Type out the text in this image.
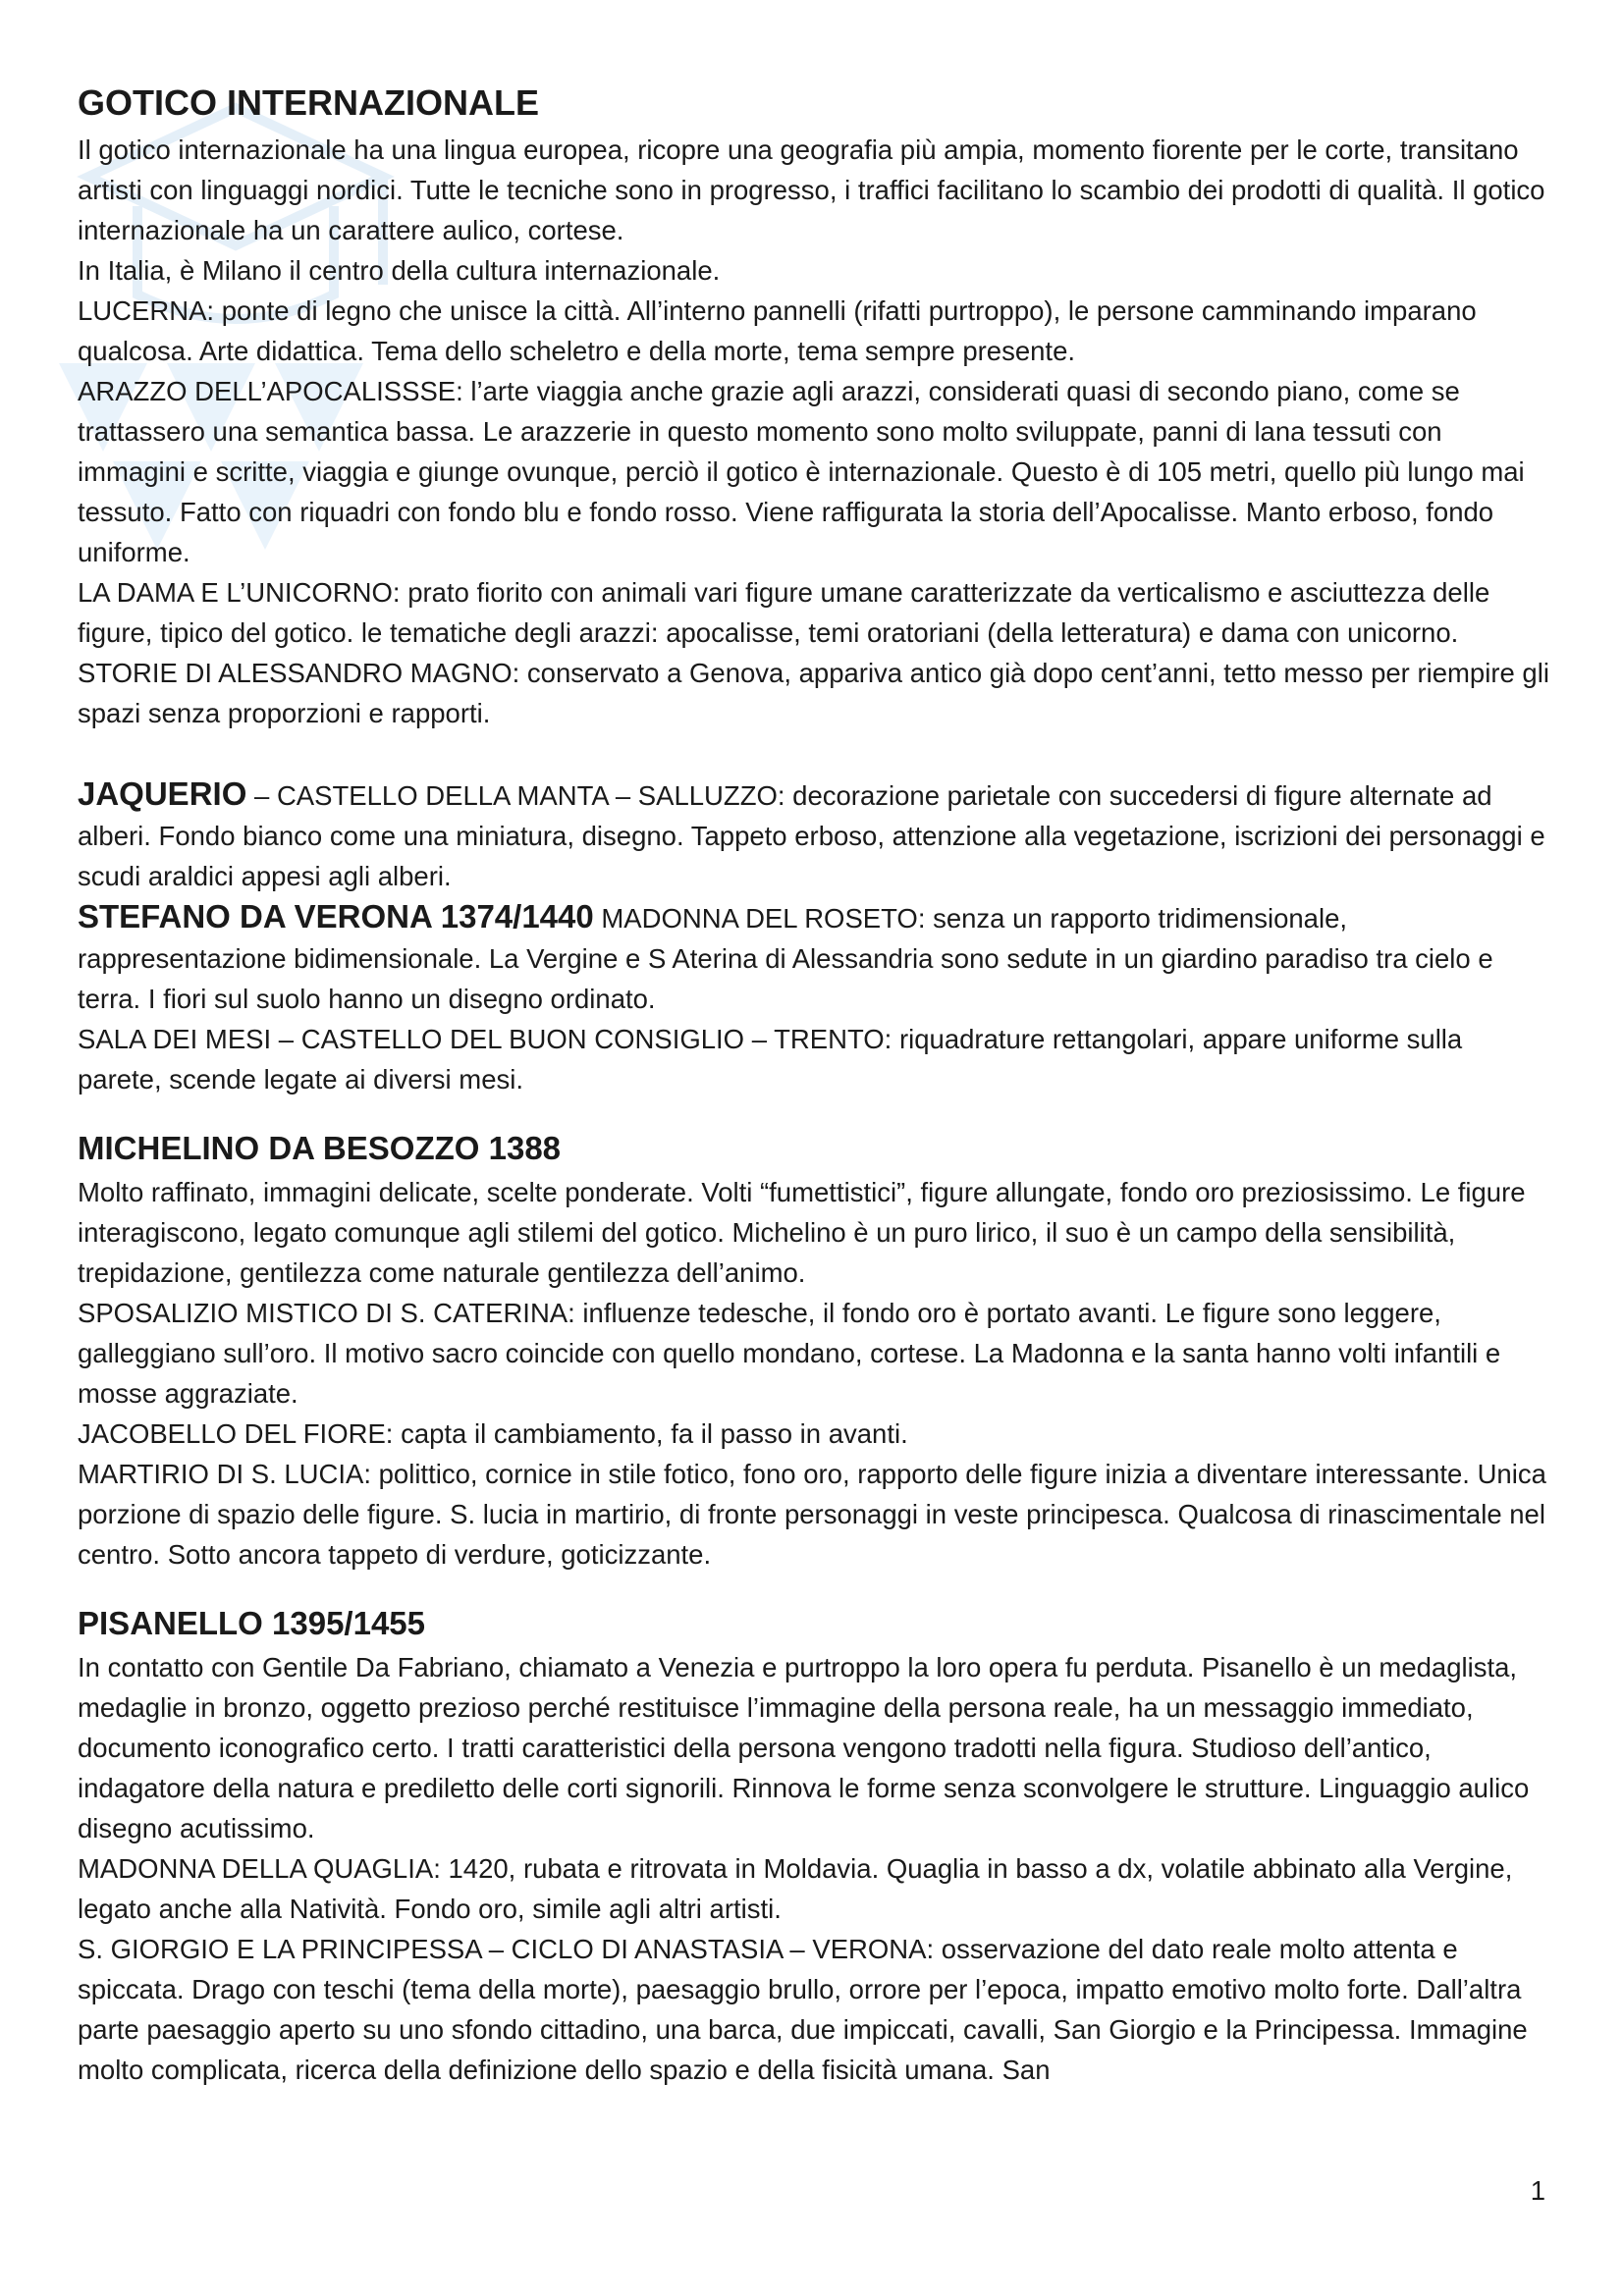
GOTICO INTERNAZIONALE

Il gotico internazionale ha una lingua europea, ricopre una geografia più ampia, momento fiorente per le corte, transitano artisti con linguaggi nordici. Tutte le tecniche sono in progresso, i traffici facilitano lo scambio dei prodotti di qualità. Il gotico internazionale ha un carattere aulico, cortese.

In Italia, è Milano il centro della cultura internazionale.

LUCERNA: ponte di legno che unisce la città. All’interno pannelli (rifatti purtroppo), le persone camminando imparano qualcosa. Arte didattica. Tema dello scheletro e della morte, tema sempre presente.

ARAZZO DELL’APOCALISSSE: l’arte viaggia anche grazie agli arazzi, considerati quasi di secondo piano, come se trattassero una semantica bassa. Le arazzerie in questo momento sono molto sviluppate, panni di lana tessuti con immagini e scritte, viaggia e giunge ovunque, perciò il gotico è internazionale. Questo è di 105 metri, quello più lungo mai tessuto. Fatto con riquadri con fondo blu e fondo rosso. Viene raffigurata la storia dell’Apocalisse. Manto erboso, fondo uniforme.

LA DAMA E L’UNICORNO: prato fiorito con animali vari figure umane caratterizzate da verticalismo e asciuttezza delle figure, tipico del gotico. le tematiche degli arazzi: apocalisse, temi oratoriani (della letteratura) e dama con unicorno.

STORIE DI ALESSANDRO MAGNO: conservato a Genova, appariva antico già dopo cent’anni, tetto messo per riempire gli spazi senza proporzioni e rapporti.

JAQUERIO – CASTELLO DELLA MANTA – SALLUZZO: decorazione parietale con succedersi di figure alternate ad alberi. Fondo bianco come una miniatura, disegno. Tappeto erboso, attenzione alla vegetazione, iscrizioni dei personaggi e scudi araldici appesi agli alberi.

STEFANO DA VERONA 1374/1440 MADONNA DEL ROSETO: senza un rapporto tridimensionale, rappresentazione bidimensionale. La Vergine e S Aterina di Alessandria sono sedute in un giardino paradiso tra cielo e terra. I fiori sul suolo hanno un disegno ordinato.

SALA DEI MESI – CASTELLO DEL BUON CONSIGLIO – TRENTO: riquadrature rettangolari, appare uniforme sulla parete, scende legate ai diversi mesi.

MICHELINO DA BESOZZO 1388

Molto raffinato, immagini delicate, scelte ponderate. Volti “fumettistici”, figure allungate, fondo oro preziosissimo. Le figure interagiscono, legato comunque agli stilemi del gotico. Michelino è un puro lirico, il suo è un campo della sensibilità, trepidazione, gentilezza come naturale gentilezza dell’animo.

SPOSALIZIO MISTICO DI S. CATERINA: influenze tedesche, il fondo oro è portato avanti. Le figure sono leggere, galleggiano sull’oro. Il motivo sacro coincide con quello mondano, cortese. La Madonna e la santa hanno volti infantili e mosse aggraziate.

JACOBELLO DEL FIORE: capta il cambiamento, fa il passo in avanti.

MARTIRIO DI S. LUCIA: polittico, cornice in stile fotico, fono oro, rapporto delle figure inizia a diventare interessante. Unica porzione di spazio delle figure. S. lucia in martirio, di fronte personaggi in veste principesca. Qualcosa di rinascimentale nel centro. Sotto ancora tappeto di verdure, goticizzante.

PISANELLO 1395/1455

In contatto con Gentile Da Fabriano, chiamato a Venezia e purtroppo la loro opera fu perduta. Pisanello è un medaglista, medaglie in bronzo, oggetto prezioso perché restituisce l’immagine della persona reale, ha un messaggio immediato, documento iconografico certo. I tratti caratteristici della persona vengono tradotti nella figura. Studioso dell’antico, indagatore della natura e prediletto delle corti signorili. Rinnova le forme senza sconvolgere le strutture. Linguaggio aulico disegno acutissimo.

MADONNA DELLA QUAGLIA: 1420, rubata e ritrovata in Moldavia. Quaglia in basso a dx, volatile abbinato alla Vergine, legato anche alla Natività. Fondo oro, simile agli altri artisti.

S. GIORGIO E LA PRINCIPESSA – CICLO DI ANASTASIA – VERONA: osservazione del dato reale molto attenta e spiccata. Drago con teschi (tema della morte), paesaggio brullo, orrore per l’epoca, impatto emotivo molto forte. Dall’altra parte paesaggio aperto su uno sfondo cittadino, una barca, due impiccati, cavalli, San Giorgio e la Principessa. Immagine molto complicata, ricerca della definizione dello spazio e della fisicità umana. San

1
